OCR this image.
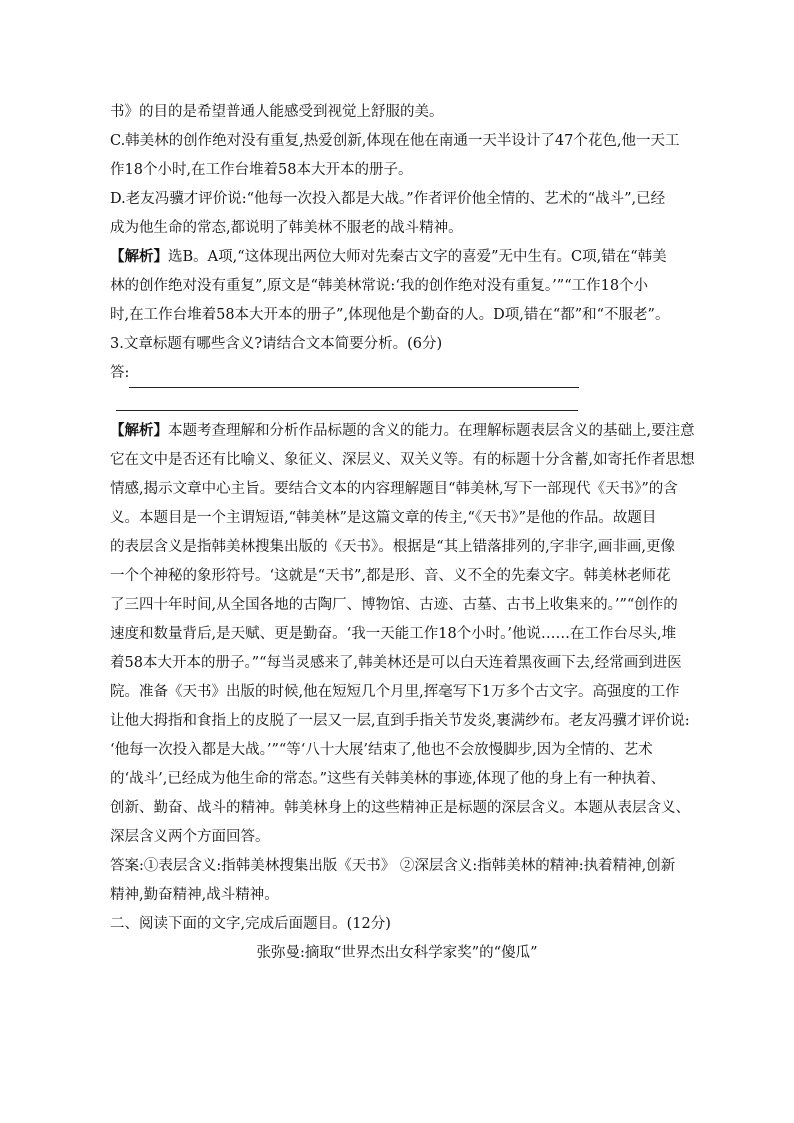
书》的目的是希望普通人能感受到视觉上舒服的美。
C.韩美林的创作绝对没有重复,热爱创新,体现在他在南通一天半设计了47个花色,他一天工
作18个小时,在工作台堆着58本大开本的册子。
D.老友冯骥才评价说:“他每一次投入都是大战。”作者评价他全情的、艺术的“战斗”,已经
成为他生命的常态,都说明了韩美林不服老的战斗精神。
【解析】选B。A项,“这体现出两位大师对先秦古文字的喜爱”无中生有。C项,错在“韩美
林的创作绝对没有重复”,原文是“韩美林常说:‘我的创作绝对没有重复。’”“工作18个小
时,在工作台堆着58本大开本的册子”,体现他是个勤奋的人。D项,错在“都”和“不服老”。
3.文章标题有哪些含义?请结合文本简要分析。(6分)
答:
【解析】本题考查理解和分析作品标题的含义的能力。在理解标题表层含义的基础上,要注意
它在文中是否还有比喻义、象征义、深层义、双关义等。有的标题十分含蓄,如寄托作者思想
情感,揭示文章中心主旨。要结合文本的内容理解题目“韩美林,写下一部现代《天书》”的含
义。本题目是一个主谓短语,“韩美林”是这篇文章的传主,“《天书》”是他的作品。故题目
的表层含义是指韩美林搜集出版的《天书》。根据是“其上错落排列的,字非字,画非画,更像
一个个神秘的象形符号。‘这就是“天书”,都是形、音、义不全的先秦文字。韩美林老师花
了三四十年时间,从全国各地的古陶厂、博物馆、古迹、古墓、古书上收集来的。’”“创作的
速度和数量背后,是天赋、更是勤奋。‘我一天能工作18个小时。’他说……在工作台尽头,堆
着58本大开本的册子。”“每当灵感来了,韩美林还是可以白天连着黑夜画下去,经常画到进医
院。准备《天书》出版的时候,他在短短几个月里,挥毫写下1万多个古文字。高强度的工作
让他大拇指和食指上的皮脱了一层又一层,直到手指关节发炎,裹满纱布。老友冯骥才评价说:
‘他每一次投入都是大战。’”“等‘八十大展’结束了,他也不会放慢脚步,因为全情的、艺术
的‘战斗’,已经成为他生命的常态。”这些有关韩美林的事迹,体现了他的身上有一种执着、
创新、勤奋、战斗的精神。韩美林身上的这些精神正是标题的深层含义。本题从表层含义、
深层含义两个方面回答。
答案:①表层含义:指韩美林搜集出版《天书》 ②深层含义:指韩美林的精神:执着精神,创新
精神,勤奋精神,战斗精神。
二、阅读下面的文字,完成后面题目。(12分)
张弥曼:摘取“世界杰出女科学家奖”的“傻瓜”
